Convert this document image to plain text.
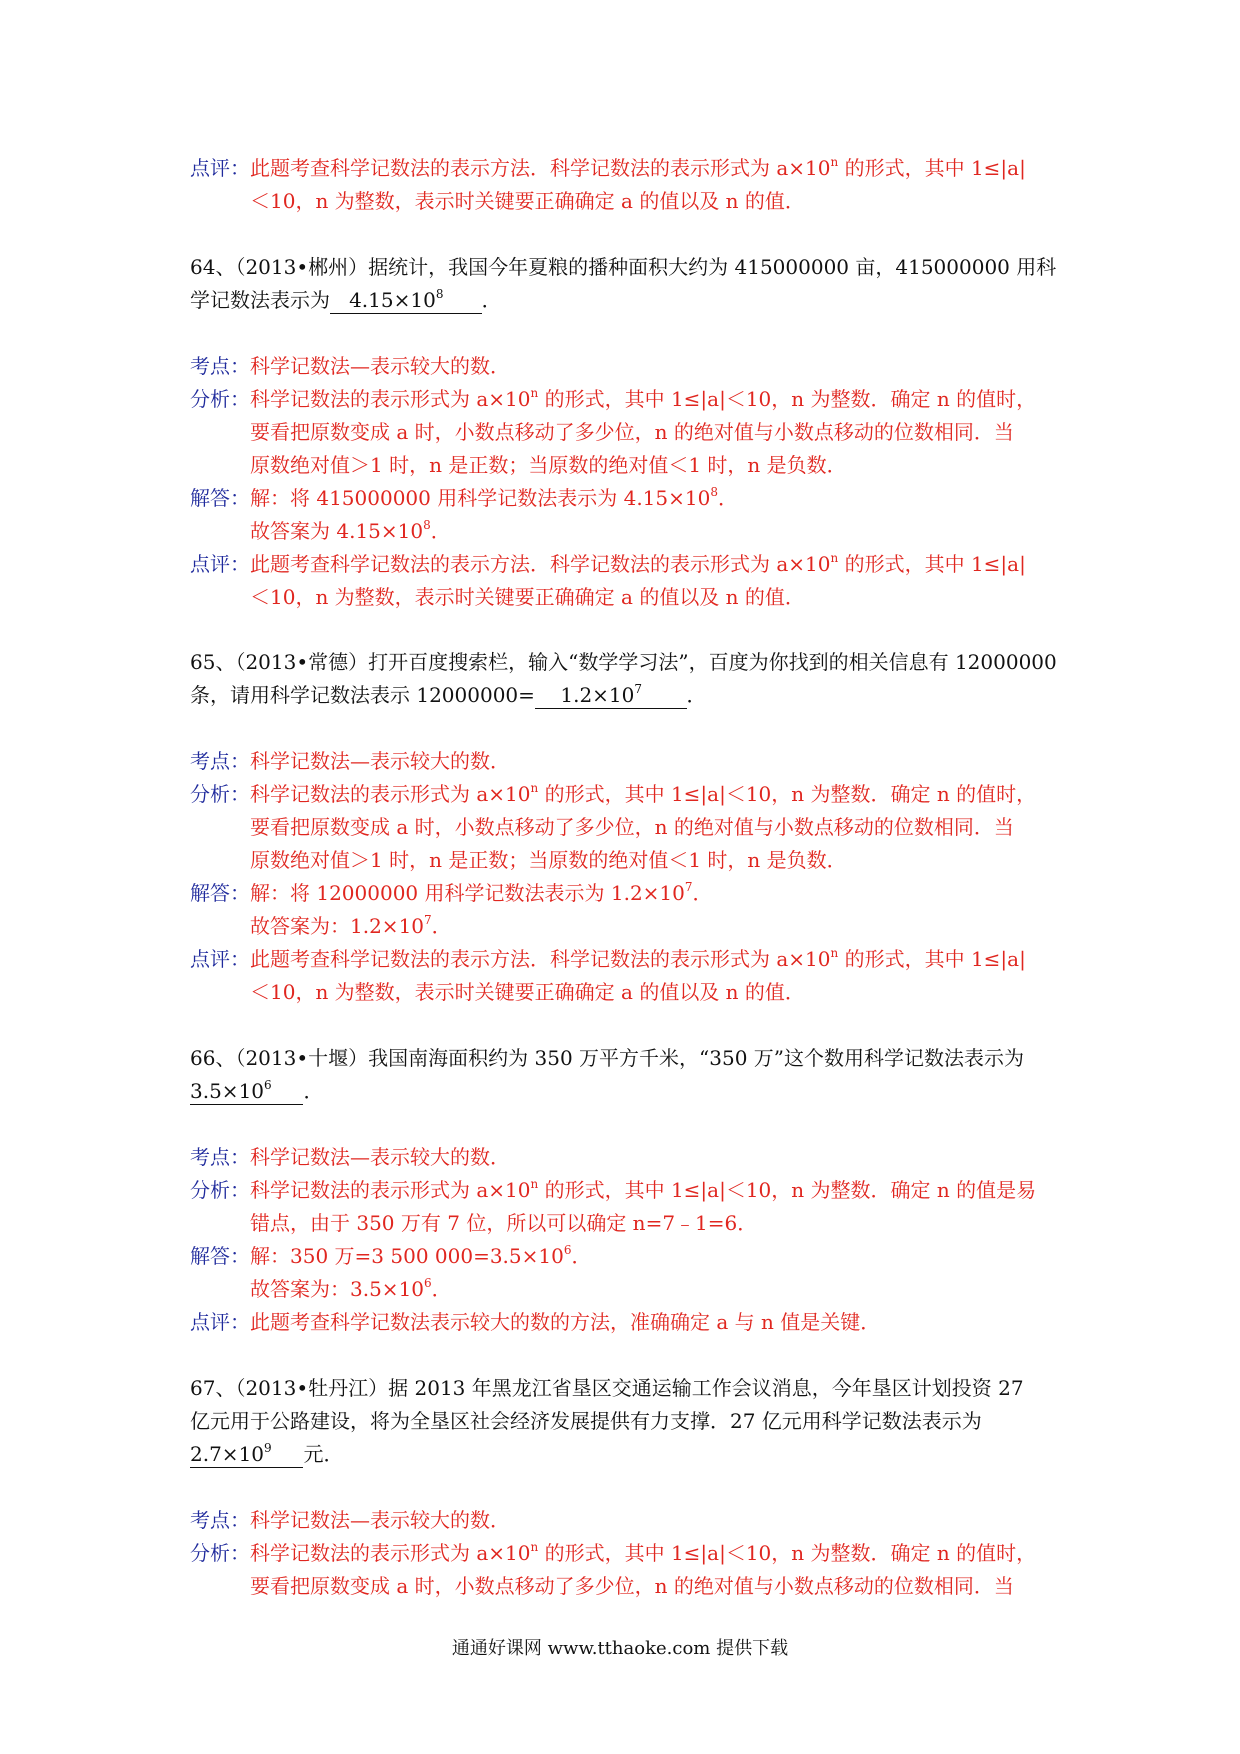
点评：此题考查科学记数法的表示方法．科学记数法的表示形式为 $a\times 10^n$ 的形式，其中 1≤|a|
＜10，n 为整数，表示时关键要正确确定 a 的值以及 n 的值．
64、（2013•郴州）据统计，我国今年夏粮的播种面积大约为 415000000 亩，415000000 用科
学记数法表示为 $4.15\times 10^8$ ．
考点：科学记数法—表示较大的数．
分析：科学记数法的表示形式为 $a\times 10^n$ 的形式，其中 1≤|a|＜10，n 为整数．确定 n 的值时，
要看把原数变成 a 时，小数点移动了多少位，n 的绝对值与小数点移动的位数相同．当
原数绝对值＞1 时，n 是正数；当原数的绝对值＜1 时，n 是负数．
解答：解：将 415000000 用科学记数法表示为 $4.15\times 10^8$．
故答案为 $4.15\times 10^8$．
点评：此题考查科学记数法的表示方法．科学记数法的表示形式为 $a\times 10^n$ 的形式，其中 1≤|a|
＜10，n 为整数，表示时关键要正确确定 a 的值以及 n 的值．
65、（2013•常德）打开百度搜索栏，输入“数学学习法”，百度为你找到的相关信息有 12000000
条，请用科学记数法表示 $12000000= 1.2\times 10^7$ ．
考点：科学记数法—表示较大的数．
分析：科学记数法的表示形式为 $a\times 10^n$ 的形式，其中 1≤|a|＜10，n 为整数．确定 n 的值时，
要看把原数变成 a 时，小数点移动了多少位，n 的绝对值与小数点移动的位数相同．当
原数绝对值＞1 时，n 是正数；当原数的绝对值＜1 时，n 是负数．
解答：解：将 12000000 用科学记数法表示为 $1.2\times 10^7$．
故答案为：$1.2\times 10^7$．
点评：此题考查科学记数法的表示方法．科学记数法的表示形式为 $a\times 10^n$ 的形式，其中 1≤|a|
＜10，n 为整数，表示时关键要正确确定 a 的值以及 n 的值．
66、（2013•十堰）我国南海面积约为 350 万平方千米，“350 万”这个数用科学记数法表示为
$3.5\times 10^6$ ．
考点：科学记数法—表示较大的数．
分析：科学记数法的表示形式为 $a\times 10^n$ 的形式，其中 1≤|a|＜10，n 为整数．确定 n 的值是易
错点，由于 350 万有 7 位，所以可以确定 n=7﹣1=6．
解答：解：350 万=3 500 $000=3.5\times 10^6$．
故答案为：$3.5\times 10^6$．
点评：此题考查科学记数法表示较大的数的方法，准确确定 a 与 n 值是关键．
67、（2013•牡丹江）据 2013 年黑龙江省垦区交通运输工作会议消息，今年垦区计划投资 27
亿元用于公路建设，将为全垦区社会经济发展提供有力支撑．27 亿元用科学记数法表示为
$2.7\times 10^9$ 元．
考点：科学记数法—表示较大的数．
分析：科学记数法的表示形式为 $a\times 10^n$ 的形式，其中 1≤|a|＜10，n 为整数．确定 n 的值时，
要看把原数变成 a 时，小数点移动了多少位，n 的绝对值与小数点移动的位数相同．当
通通好课网 www.tthaoke.com 提供下载
